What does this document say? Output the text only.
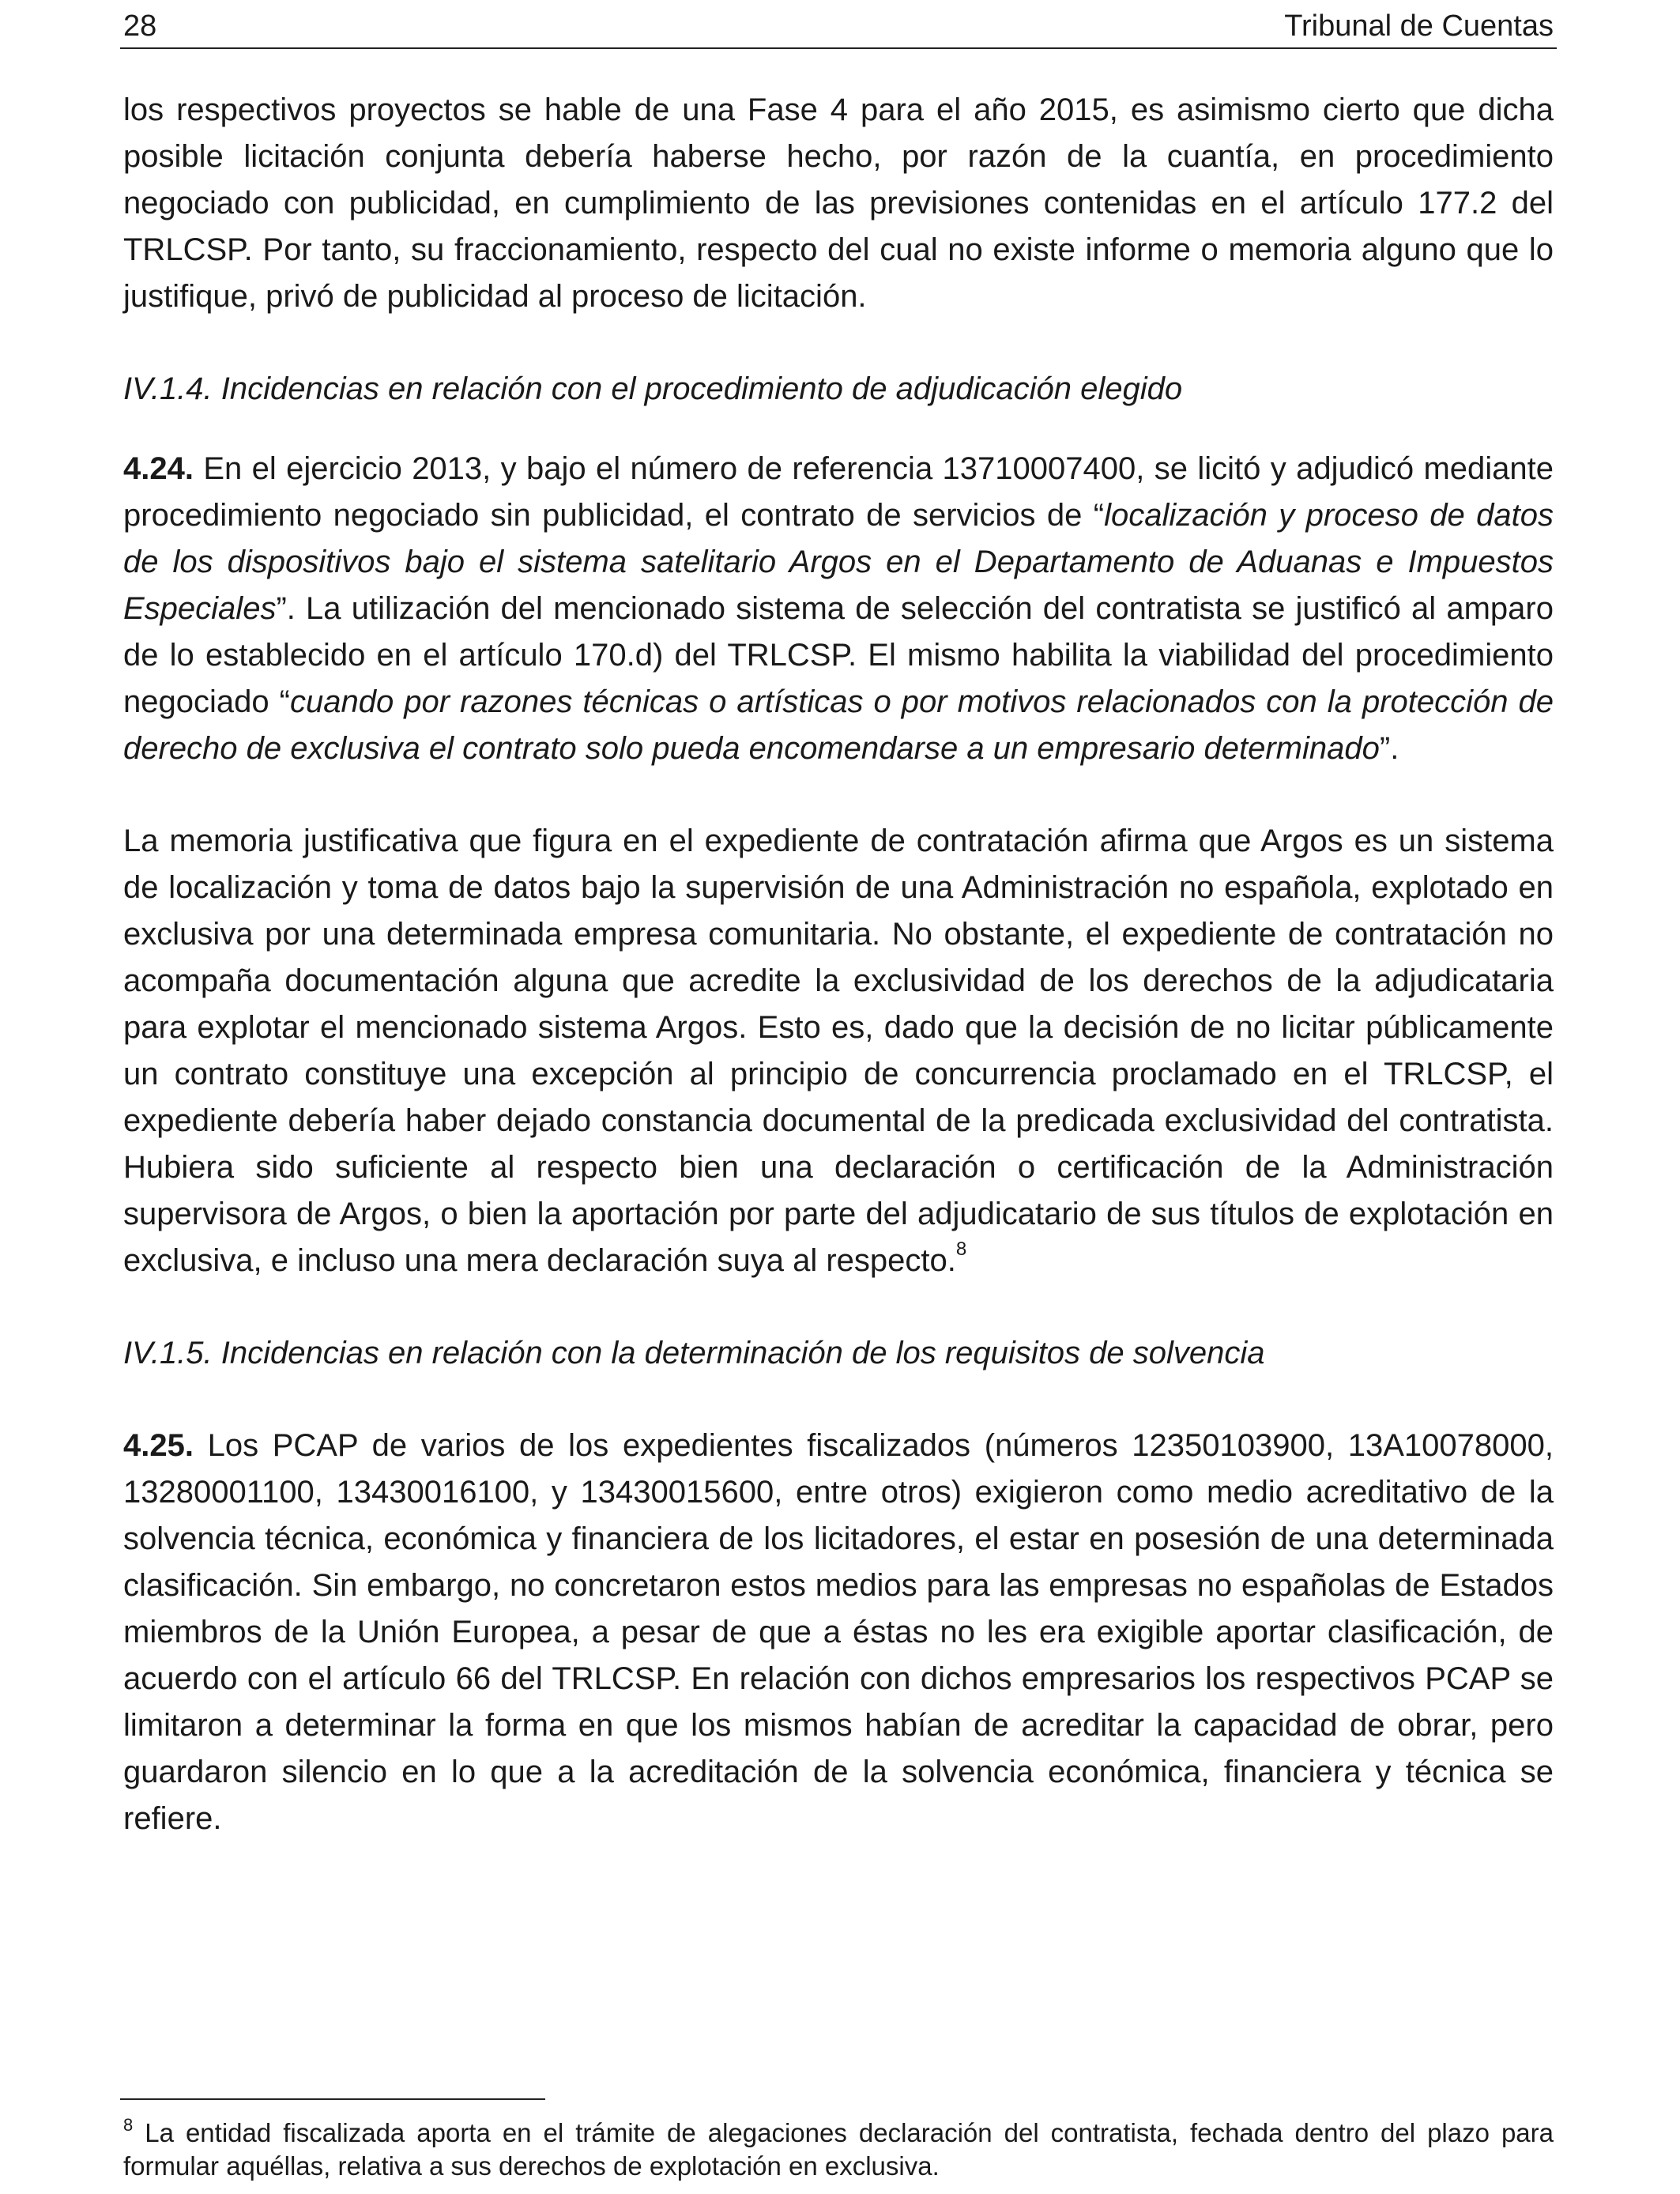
28	Tribunal de Cuentas

los respectivos proyectos se hable de una Fase 4 para el año 2015, es asimismo cierto que dicha posible licitación conjunta debería haberse hecho, por razón de la cuantía, en procedimiento negociado con publicidad, en cumplimiento de las previsiones contenidas en el artículo 177.2 del TRLCSP. Por tanto, su fraccionamiento, respecto del cual no existe informe o memoria alguno que lo justifique, privó de publicidad al proceso de licitación.

IV.1.4. Incidencias en relación con el procedimiento de adjudicación elegido

4.24. En el ejercicio 2013, y bajo el número de referencia 13710007400, se licitó y adjudicó mediante procedimiento negociado sin publicidad, el contrato de servicios de “localización y proceso de datos de los dispositivos bajo el sistema satelitario Argos en el Departamento de Aduanas e Impuestos Especiales”. La utilización del mencionado sistema de selección del contratista se justificó al amparo de lo establecido en el artículo 170.d) del TRLCSP. El mismo habilita la viabilidad del procedimiento negociado “cuando por razones técnicas o artísticas o por motivos relacionados con la protección de derecho de exclusiva el contrato solo pueda encomendarse a un empresario determinado”.

La memoria justificativa que figura en el expediente de contratación afirma que Argos es un sistema de localización y toma de datos bajo la supervisión de una Administración no española, explotado en exclusiva por una determinada empresa comunitaria. No obstante, el expediente de contratación no acompaña documentación alguna que acredite la exclusividad de los derechos de la adjudicataria para explotar el mencionado sistema Argos. Esto es, dado que la decisión de no licitar públicamente un contrato constituye una excepción al principio de concurrencia proclamado en el TRLCSP, el expediente debería haber dejado constancia documental de la predicada exclusividad del contratista. Hubiera sido suficiente al respecto bien una declaración o certificación de la Administración supervisora de Argos, o bien la aportación por parte del adjudicatario de sus títulos de explotación en exclusiva, e incluso una mera declaración suya al respecto.$^8$

IV.1.5. Incidencias en relación con la determinación de los requisitos de solvencia

4.25. Los PCAP de varios de los expedientes fiscalizados (números 12350103900, 13A10078000, 13280001100, 13430016100, y 13430015600, entre otros) exigieron como medio acreditativo de la solvencia técnica, económica y financiera de los licitadores, el estar en posesión de una determinada clasificación. Sin embargo, no concretaron estos medios para las empresas no españolas de Estados miembros de la Unión Europea, a pesar de que a éstas no les era exigible aportar clasificación, de acuerdo con el artículo 66 del TRLCSP. En relación con dichos empresarios los respectivos PCAP se limitaron a determinar la forma en que los mismos habían de acreditar la capacidad de obrar, pero guardaron silencio en lo que a la acreditación de la solvencia económica, financiera y técnica se refiere.

$^8$ La entidad fiscalizada aporta en el trámite de alegaciones declaración del contratista, fechada dentro del plazo para formular aquéllas, relativa a sus derechos de explotación en exclusiva.
